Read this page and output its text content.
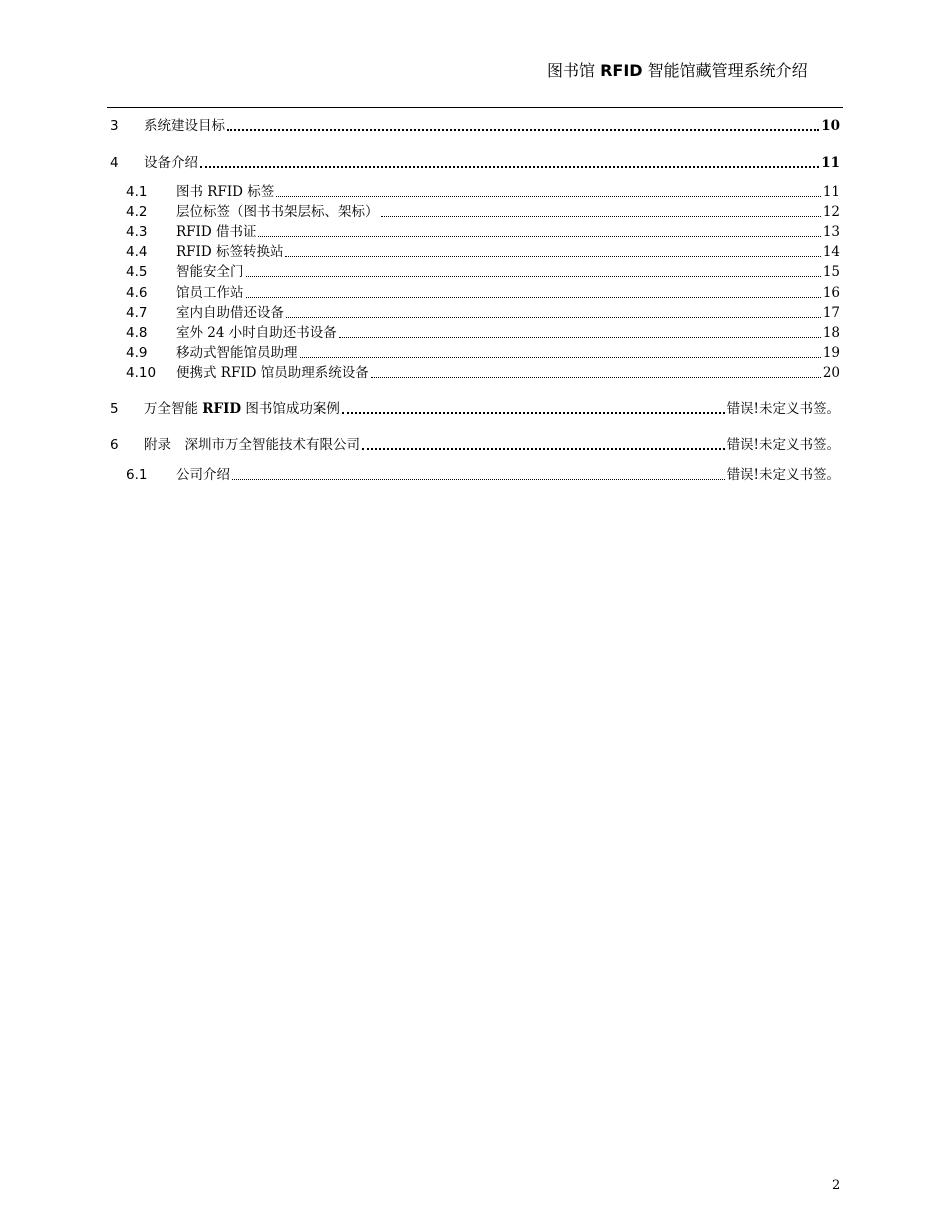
图书馆 RFID 智能馆藏管理系统介绍
3	系统建设目标	10
4	设备介绍	11
4.1	图书 RFID 标签	11
4.2	层位标签（图书书架层标、架标）	12
4.3	RFID 借书证	13
4.4	RFID 标签转换站	14
4.5	智能安全门	15
4.6	馆员工作站	16
4.7	室内自助借还设备	17
4.8	室外 24 小时自助还书设备	18
4.9	移动式智能馆员助理	19
4.10	便携式 RFID 馆员助理系统设备	20
5	万全智能 RFID 图书馆成功案例	错误!未定义书签。
6	附录　深圳市万全智能技术有限公司	错误!未定义书签。
6.1	公司介绍	错误!未定义书签。
2
